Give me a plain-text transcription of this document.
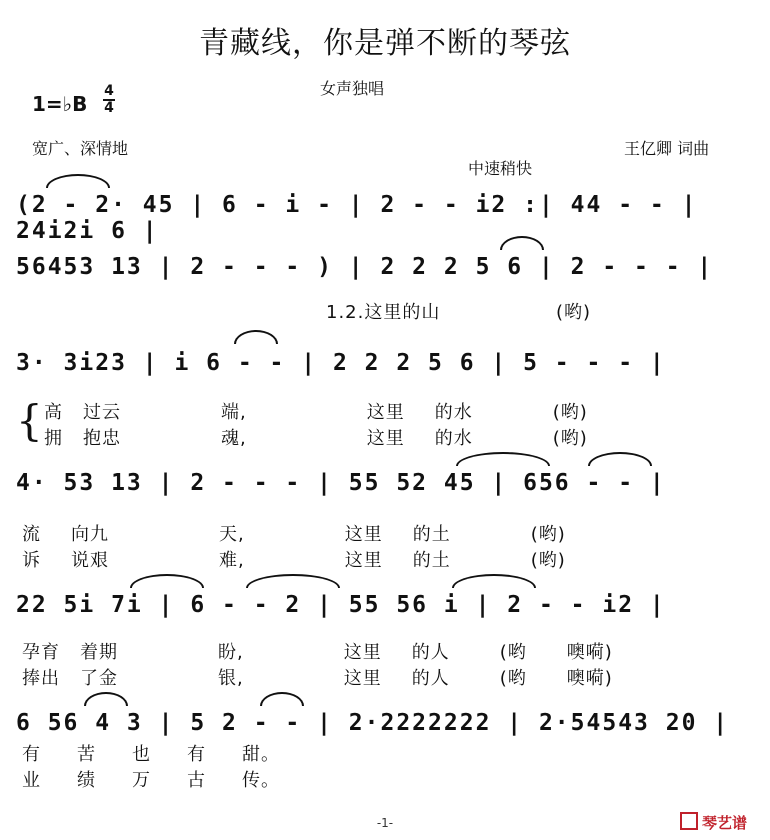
青藏线，你是弹不断的琴弦
女声独唱
1=♭B
4
4
宽广、深情地	王亿卿 词曲
中速稍快
(2 - 2· 45 | 6 - i - | 2 - - i2 :| 44 - - | 24i2i 6 |
56453 13 | 2 - - - ) | 2 2 2 5 6 | 2 - - - |
1.2.这里的山	(哟)
3· 3i23 | i 6 - - | 2 2 2 5 6 | 5 - - - |
{ 高 过云	端,	这里 的水	(哟)
拥 抱忠	魂,	这里 的水	(哟)
4· 53 13 | 2 - - - | 55 52 45 | 656 - - |
流 向九	天,	这里 的土	(哟)
诉 说艰	难,	这里 的土	(哟)
22 5i 7i | 6 - - 2 | 55 56 i | 2 - - i2 |
孕育 着期	盼,	这里 的人	(哟 噢嗬)
捧出 了金	银,	这里 的人	(哟 噢嗬)
6 56 4 3 | 5 2 - - | 2·2222222 | 2·54543 20 |
有 苦 也 有 甜。
业 绩 万 古 传。
-1-	琴艺谱
